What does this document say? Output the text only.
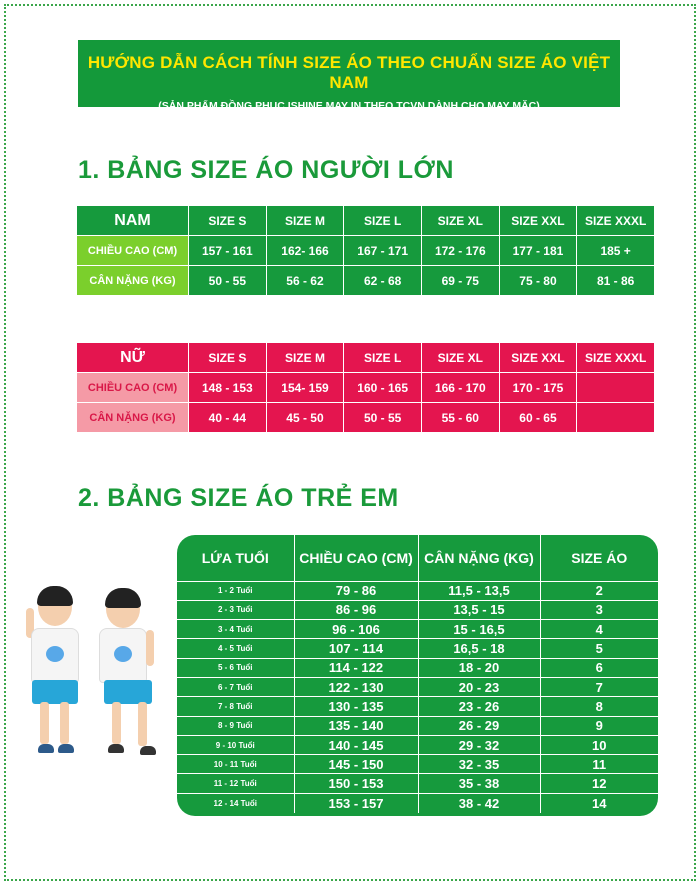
HƯỚNG DẪN CÁCH TÍNH SIZE ÁO THEO CHUẨN SIZE ÁO VIỆT NAM
(SẢN PHẨM ĐỒNG PHỤC ISHINE MAY IN THEO TCVN DÀNH CHO MAY MẶC)
1. BẢNG SIZE ÁO NGƯỜI LỚN
NAM	SIZE S	SIZE M	SIZE L	SIZE XL	SIZE XXL	SIZE XXXL
CHIỀU CAO (CM)	157 - 161	162- 166	167 - 171	172 - 176	177 - 181	185 +
CÂN NẶNG (KG)	50 - 55	56 - 62	62 - 68	69 - 75	75 - 80	81 - 86
NỮ	SIZE S	SIZE M	SIZE L	SIZE XL	SIZE XXL	SIZE XXXL
CHIỀU CAO (CM)	148 - 153	154- 159	160 - 165	166 - 170	170 - 175	
CÂN NẶNG (KG)	40 - 44	45 - 50	50 - 55	55 - 60	60 - 65	
2. BẢNG SIZE ÁO TRẺ EM
LỨA TUỔI	CHIỀU CAO (CM)	CÂN NẶNG (KG)	SIZE ÁO
1 - 2 Tuổi	79 - 86	11,5 - 13,5	2
2 - 3 Tuổi	86 - 96	13,5 - 15	3
3 - 4 Tuổi	96 - 106	15 - 16,5	4
4 - 5 Tuổi	107 - 114	16,5 - 18	5
5 - 6 Tuổi	114 - 122	18 - 20	6
6 - 7 Tuổi	122 - 130	20 - 23	7
7 - 8 Tuổi	130 - 135	23 - 26	8
8 - 9 Tuổi	135 - 140	26 - 29	9
9 - 10 Tuổi	140 - 145	29 - 32	10
10 - 11 Tuổi	145 - 150	32 - 35	11
11 - 12 Tuổi	150 - 153	35 - 38	12
12 - 14 Tuổi	153 - 157	38 - 42	14
